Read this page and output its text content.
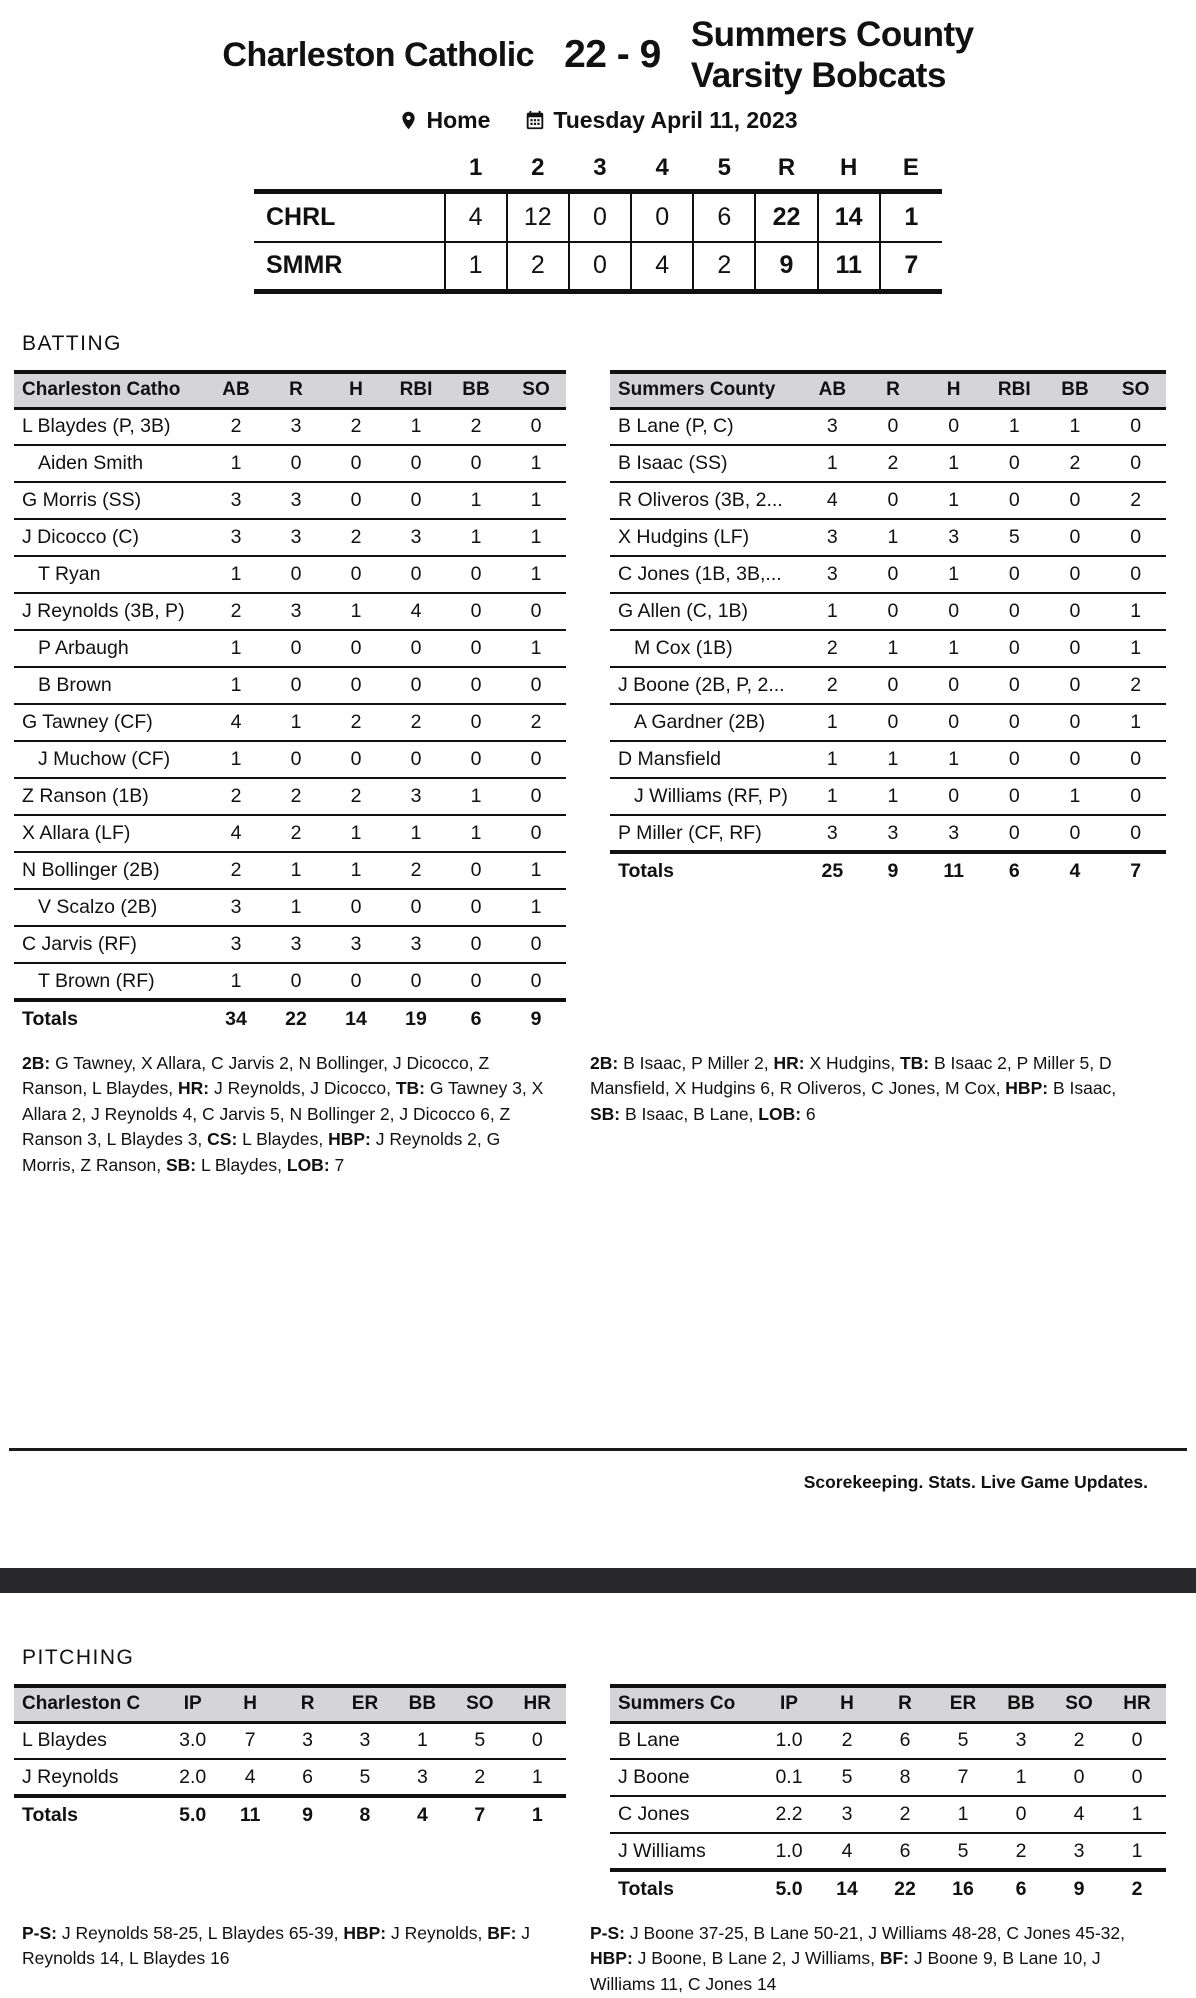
Charleston Catholic 22 - 9 Summers County
Varsity Bobcats
Home	Tuesday April 11, 2023
	1	2	3	4	5	R	H	E
CHRL	4	12	0	0	6	22	14	1
SMMR	1	2	0	4	2	9	11	7
BATTING
Charleston Catho	AB	R	H	RBI	BB	SO
L Blaydes (P, 3B)	2	3	2	1	2	0
Aiden Smith	1	0	0	0	0	1
G Morris (SS)	3	3	0	0	1	1
J Dicocco (C)	3	3	2	3	1	1
T Ryan	1	0	0	0	0	1
J Reynolds (3B, P)	2	3	1	4	0	0
P Arbaugh	1	0	0	0	0	1
B Brown	1	0	0	0	0	0
G Tawney (CF)	4	1	2	2	0	2
J Muchow (CF)	1	0	0	0	0	0
Z Ranson (1B)	2	2	2	3	1	0
X Allara (LF)	4	2	1	1	1	0
N Bollinger (2B)	2	1	1	2	0	1
V Scalzo (2B)	3	1	0	0	0	1
C Jarvis (RF)	3	3	3	3	0	0
T Brown (RF)	1	0	0	0	0	0
Totals	34	22	14	19	6	9
Summers County	AB	R	H	RBI	BB	SO
B Lane (P, C)	3	0	0	1	1	0
B Isaac (SS)	1	2	1	0	2	0
R Oliveros (3B, 2...	4	0	1	0	0	2
X Hudgins (LF)	3	1	3	5	0	0
C Jones (1B, 3B,...	3	0	1	0	0	0
G Allen (C, 1B)	1	0	0	0	0	1
M Cox (1B)	2	1	1	0	0	1
J Boone (2B, P, 2...	2	0	0	0	0	2
A Gardner (2B)	1	0	0	0	0	1
D Mansfield	1	1	1	0	0	0
J Williams (RF, P)	1	1	0	0	1	0
P Miller (CF, RF)	3	3	3	0	0	0
Totals	25	9	11	6	4	7

2B: G Tawney, X Allara, C Jarvis 2, N Bollinger, J Dicocco, Z Ranson, L Blaydes, HR: J Reynolds, J Dicocco, TB: G Tawney 3, X Allara 2, J Reynolds 4, C Jarvis 5, N Bollinger 2, J Dicocco 6, Z Ranson 3, L Blaydes 3, CS: L Blaydes, HBP: J Reynolds 2, G Morris, Z Ranson, SB: L Blaydes, LOB: 7

2B: B Isaac, P Miller 2, HR: X Hudgins, TB: B Isaac 2, P Miller 5, D Mansfield, X Hudgins 6, R Oliveros, C Jones, M Cox, HBP: B Isaac, SB: B Isaac, B Lane, LOB: 6

Scorekeeping. Stats. Live Game Updates.
PITCHING
Charleston C	IP	H	R	ER	BB	SO	HR
L Blaydes	3.0	7	3	3	1	5	0
J Reynolds	2.0	4	6	5	3	2	1
Totals	5.0	11	9	8	4	7	1
Summers Co	IP	H	R	ER	BB	SO	HR
B Lane	1.0	2	6	5	3	2	0
J Boone	0.1	5	8	7	1	0	0
C Jones	2.2	3	2	1	0	4	1
J Williams	1.0	4	6	5	2	3	1
Totals	5.0	14	22	16	6	9	2

P-S: J Reynolds 58-25, L Blaydes 65-39, HBP: J Reynolds, BF: J Reynolds 14, L Blaydes 16

P-S: J Boone 37-25, B Lane 50-21, J Williams 48-28, C Jones 45-32, HBP: J Boone, B Lane 2, J Williams, BF: J Boone 9, B Lane 10, J Williams 11, C Jones 14
